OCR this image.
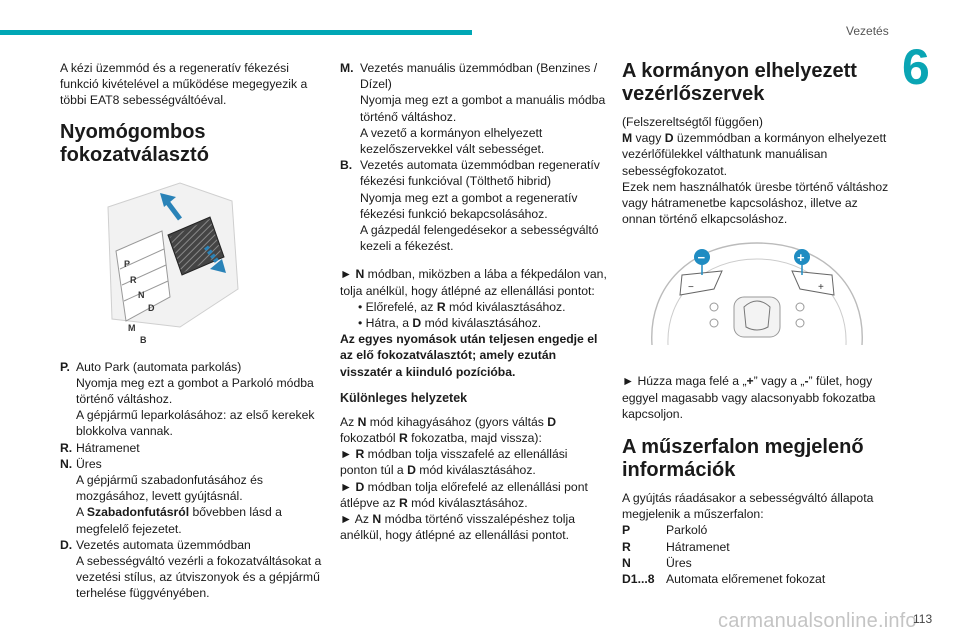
Vezetés
6

A kézi üzemmód és a regeneratív fékezési funkció kivételével a működése megegyezik a többi EAT8 sebességváltóéval.

Nyomógombos fokozatválasztó
P
R
N
D
M
B
P. Auto Park (automata parkolás)

Nyomja meg ezt a gombot a Parkoló módba történő váltáshoz.

A gépjármű leparkolásához: az első kerekek blokkolva vannak.

R. Hátramenet

N. Üres

A gépjármű szabadonfutásához és mozgásához, levett gyújtásnál.

A Szabadonfutásról bővebben lásd a megfelelő fejezetet.

D. Vezetés automata üzemmódban

A sebességváltó vezérli a fokozatváltásokat a vezetési stílus, az útviszonyok és a gépjármű terhelése függvényében.

M. Vezetés manuális üzemmódban (Benzines / Dízel)

Nyomja meg ezt a gombot a manuális módba történő váltáshoz.

A vezető a kormányon elhelyezett kezelőszervekkel vált sebességet.

B. Vezetés automata üzemmódban regeneratív fékezési funkcióval (Tölthető hibrid)

Nyomja meg ezt a gombot a regeneratív fékezési funkció bekapcsolásához.

A gázpedál felengedésekor a sebességváltó kezeli a fékezést.

► N módban, miközben a lába a fékpedálon van, tolja anélkül, hogy átlépné az ellenállási pontot:

• Előrefelé, az R mód kiválasztásához.

• Hátra, a D mód kiválasztásához.

Az egyes nyomások után teljesen engedje el az elő fokozatválasztót; amely ezután visszatér a kiinduló pozícióba.

Különleges helyzetek

Az N mód kihagyásához (gyors váltás D fokozatból R fokozatba, majd vissza):

► R módban tolja visszafelé az ellenállási ponton túl a D mód kiválasztásához.

► D módban tolja előrefelé az ellenállási pont átlépve az R mód kiválasztásához.

► Az N módba történő visszalépéshez tolja anélkül, hogy átlépné az ellenállási pontot.

A kormányon elhelyezett vezérlőszervek

(Felszereltségtől függően)

M vagy D üzemmódban a kormányon elhelyezett vezérlőfülekkel válthatunk manuálisan sebességfokozatot.

Ezek nem használhatók üresbe történő váltáshoz vagy hátramenetbe kapcsoláshoz, illetve az onnan történő elkapcsoláshoz.

−	+
−	+

► Húzza maga felé a „+” vagy a „-” fület, hogy eggyel magasabb vagy alacsonyabb fokozatba kapcsoljon.

A műszerfalon megjelenő információk

A gyújtás ráadásakor a sebességváltó állapota megjelenik a műszerfalon:

P	Parkoló
R	Hátramenet
N	Üres
D1...8 Automata előremenet fokozat
carmanualsonline.info
113
